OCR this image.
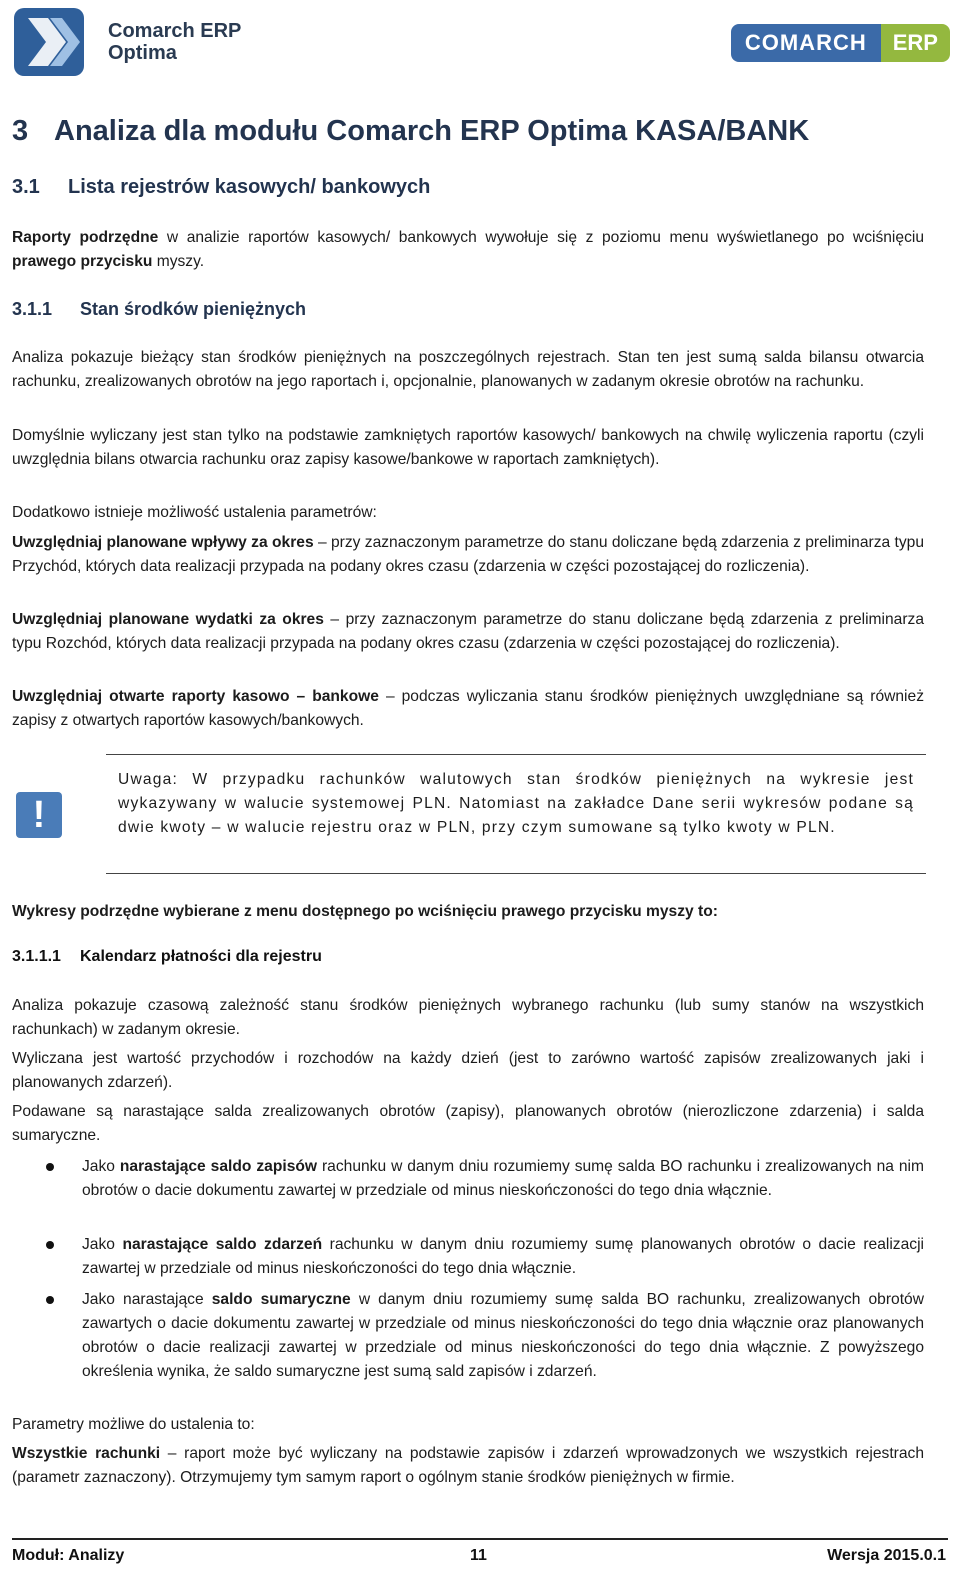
Comarch ERP
Optima	COMARCH	ERP
3 Analiza dla modułu Comarch ERP Optima KASA/BANK
3.1 Lista rejestrów kasowych/ bankowych
Raporty podrzędne w analizie raportów kasowych/ bankowych wywołuje się z poziomu menu wyświetlanego po wciśnięciu prawego przycisku myszy.
3.1.1 Stan środków pieniężnych
Analiza pokazuje bieżący stan środków pieniężnych na poszczególnych rejestrach. Stan ten jest sumą salda bilansu otwarcia rachunku, zrealizowanych obrotów na jego raportach i, opcjonalnie, planowanych w zadanym okresie obrotów na rachunku.
Domyślnie wyliczany jest stan tylko na podstawie zamkniętych raportów kasowych/ bankowych na chwilę wyliczenia raportu (czyli uwzględnia bilans otwarcia rachunku oraz zapisy kasowe/bankowe w raportach zamkniętych).
Dodatkowo istnieje możliwość ustalenia parametrów:
Uwzględniaj planowane wpływy za okres – przy zaznaczonym parametrze do stanu doliczane będą zdarzenia z preliminarza typu Przychód, których data realizacji przypada na podany okres czasu (zdarzenia w części pozostającej do rozliczenia).
Uwzględniaj planowane wydatki za okres – przy zaznaczonym parametrze do stanu doliczane będą zdarzenia z preliminarza typu Rozchód, których data realizacji przypada na podany okres czasu (zdarzenia w części pozostającej do rozliczenia).
Uwzględniaj otwarte raporty kasowo – bankowe – podczas wyliczania stanu środków pieniężnych uwzględniane są również zapisy z otwartych raportów kasowych/bankowych.
!
Uwaga: W przypadku rachunków walutowych stan środków pieniężnych na wykresie jest wykazywany w walucie systemowej PLN. Natomiast na zakładce Dane serii wykresów podane są dwie kwoty – w walucie rejestru oraz w PLN, przy czym sumowane są tylko kwoty w PLN.
Wykresy podrzędne wybierane z menu dostępnego po wciśnięciu prawego przycisku myszy to:
3.1.1.1 Kalendarz płatności dla rejestru
Analiza pokazuje czasową zależność stanu środków pieniężnych wybranego rachunku (lub sumy stanów na wszystkich rachunkach) w zadanym okresie.
Wyliczana jest wartość przychodów i rozchodów na każdy dzień (jest to zarówno wartość zapisów zrealizowanych jaki i planowanych zdarzeń).
Podawane są narastające salda zrealizowanych obrotów (zapisy), planowanych obrotów (nierozliczone zdarzenia) i salda sumaryczne.
Jako narastające saldo zapisów rachunku w danym dniu rozumiemy sumę salda BO rachunku i zrealizowanych na nim obrotów o dacie dokumentu zawartej w przedziale od minus nieskończoności do tego dnia włącznie.
Jako narastające saldo zdarzeń rachunku w danym dniu rozumiemy sumę planowanych obrotów o dacie realizacji zawartej w przedziale od minus nieskończoności do tego dnia włącznie.
Jako narastające saldo sumaryczne w danym dniu rozumiemy sumę salda BO rachunku, zrealizowanych obrotów zawartych o dacie dokumentu zawartej w przedziale od minus nieskończoności do tego dnia włącznie oraz planowanych obrotów o dacie realizacji zawartej w przedziale od minus nieskończoności do tego dnia włącznie. Z powyższego określenia wynika, że saldo sumaryczne jest sumą sald zapisów i zdarzeń.
Parametry możliwe do ustalenia to:
Wszystkie rachunki – raport może być wyliczany na podstawie zapisów i zdarzeń wprowadzonych we wszystkich rejestrach (parametr zaznaczony). Otrzymujemy tym samym raport o ogólnym stanie środków pieniężnych w firmie.
Moduł: Analizy	11	Wersja 2015.0.1
